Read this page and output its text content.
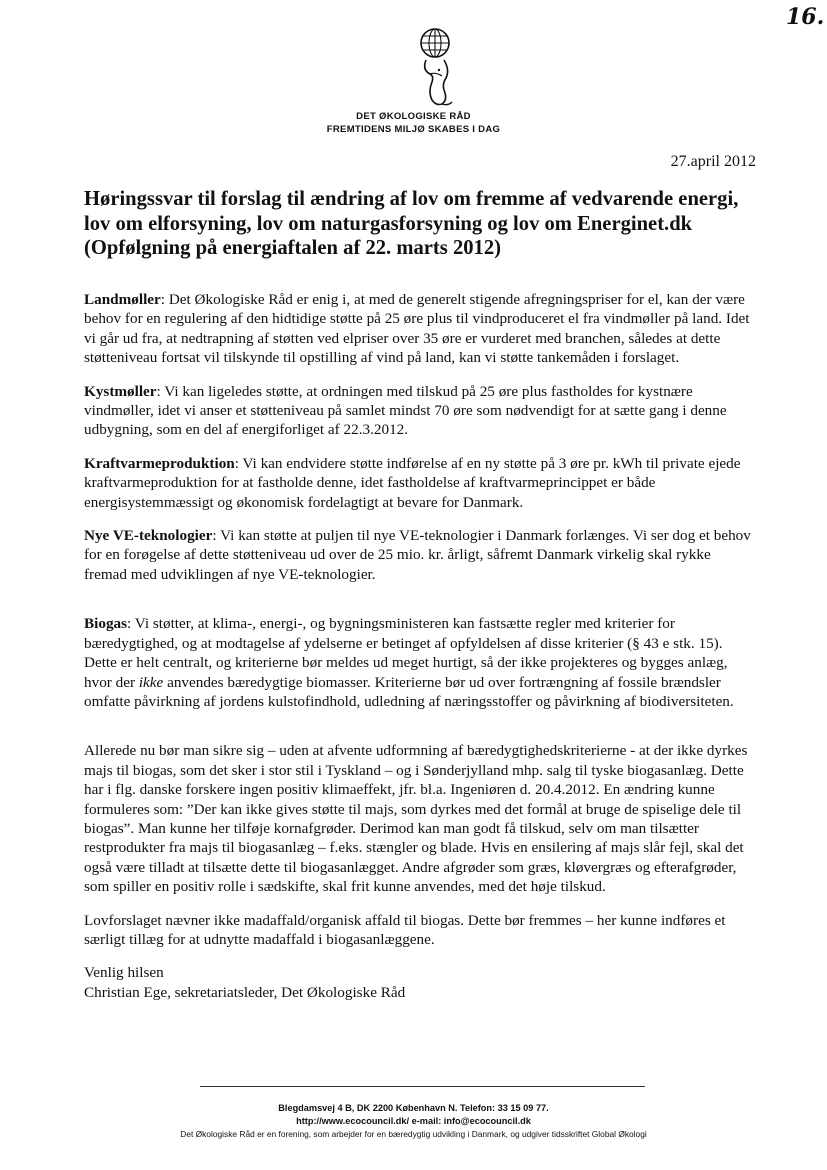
16.
DET ØKOLOGISKE RÅD
FREMTIDENS MILJØ SKABES I DAG
27.april 2012
Høringssvar til forslag til ændring af lov om fremme af vedvarende energi, lov om elforsyning, lov om naturgasforsyning og lov om Energinet.dk (Opfølgning på energiaftalen af 22. marts 2012)

Landmøller: Det Økologiske Råd er enig i, at med de generelt stigende afregningspriser for el, kan der være behov for en regulering af den hidtidige støtte på 25 øre plus til vindproduceret el fra vindmøller på land. Idet vi går ud fra, at nedtrapning af støtten ved elpriser over 35 øre er vurderet med branchen, således at dette støtteniveau fortsat vil tilskynde til opstilling af vind på land, kan vi støtte tankemåden i forslaget.

Kystmøller: Vi kan ligeledes støtte, at ordningen med tilskud på 25 øre plus fastholdes for kystnære vindmøller, idet vi anser et støtteniveau på samlet mindst 70 øre som nødvendigt for at sætte gang i denne udbygning, som en del af energiforliget af 22.3.2012.

Kraftvarmeproduktion: Vi kan endvidere støtte indførelse af en ny støtte på 3 øre pr. kWh til private ejede kraftvarmeproduktion for at fastholde denne, idet fastholdelse af kraftvarmeprincippet er både energisystemmæssigt og økonomisk fordelagtigt at bevare for Danmark.

Nye VE-teknologier: Vi kan støtte at puljen til nye VE-teknologier i Danmark forlænges. Vi ser dog et behov for en forøgelse af dette støtteniveau ud over de 25 mio. kr. årligt, såfremt Danmark virkelig skal rykke fremad med udviklingen af nye VE-teknologier.

Biogas: Vi støtter, at klima-, energi-, og bygningsministeren kan fastsætte regler med kriterier for bæredygtighed, og at modtagelse af ydelserne er betinget af opfyldelsen af disse kriterier (§ 43 e stk. 15). Dette er helt centralt, og kriterierne bør meldes ud meget hurtigt, så der ikke projekteres og bygges anlæg, hvor der ikke anvendes bæredygtige biomasser. Kriterierne bør ud over fortrængning af fossile brændsler omfatte påvirkning af jordens kulstofindhold, udledning af næringsstoffer og påvirkning af biodiversiteten.

Allerede nu bør man sikre sig – uden at afvente udformning af bæredygtighedskriterierne - at der ikke dyrkes majs til biogas, som det sker i stor stil i Tyskland – og i Sønderjylland mhp. salg til tyske biogasanlæg. Dette har i flg. danske forskere ingen positiv klimaeffekt, jfr. bl.a. Ingeniøren d. 20.4.2012. En ændring kunne formuleres som: ”Der kan ikke gives støtte til majs, som dyrkes med det formål at bruge de spiselige dele til biogas”. Man kunne her tilføje kornafgrøder. Derimod kan man godt få tilskud, selv om man tilsætter restprodukter fra majs til biogasanlæg – f.eks. stængler og blade. Hvis en ensilering af majs slår fejl, skal det også være tilladt at tilsætte dette til biogasanlægget. Andre afgrøder som græs, kløvergræs og efterafgrøder, som spiller en positiv rolle i sædskifte, skal frit kunne anvendes, med det høje tilskud.

Lovforslaget nævner ikke madaffald/organisk affald til biogas. Dette bør fremmes – her kunne indføres et særligt tillæg for at udnytte madaffald i biogasanlæggene.

Venlig hilsen

Christian Ege, sekretariatsleder, Det Økologiske Råd

Blegdamsvej 4 B, DK 2200 København N. Telefon: 33 15 09 77.
http://www.ecocouncil.dk/ e-mail: info@ecocouncil.dk
Det Økologiske Råd er en forening, som arbejder for en bæredygtig udvikling i Danmark, og udgiver tidsskriftet Global Økologi
